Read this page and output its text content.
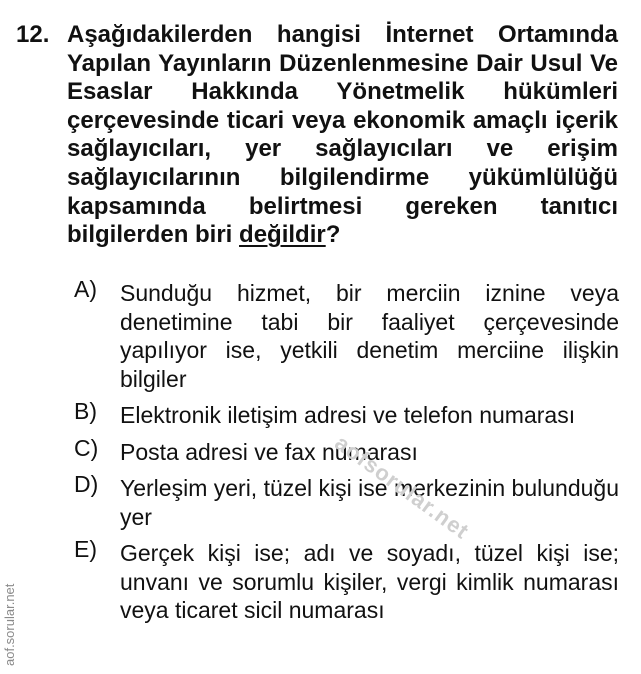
12. Aşağıdakilerden hangisi İnternet Ortamında Yapılan Yayınların Düzenlenmesine Dair Usul Ve Esaslar Hakkında Yönetmelik hükümleri çerçevesinde ticari veya ekonomik amaçlı içerik sağlayıcıları, yer sağlayıcıları ve erişim sağlayıcılarının bilgilendirme yükümlülüğü kapsamında belirtmesi gereken tanıtıcı bilgilerden biri değildir?
A) Sunduğu hizmet, bir merciin iznine veya denetimine tabi bir faaliyet çerçevesinde yapılıyor ise, yetkili denetim merciine ilişkin bilgiler
B) Elektronik iletişim adresi ve telefon numarası
C) Posta adresi ve fax numarası
D) Yerleşim yeri, tüzel kişi ise merkezinin bulunduğu yer
E) Gerçek kişi ise; adı ve soyadı, tüzel kişi ise; unvanı ve sorumlu kişiler, vergi kimlik numarası veya ticaret sicil numarası
aofsorular.net
aof.sorular.net
